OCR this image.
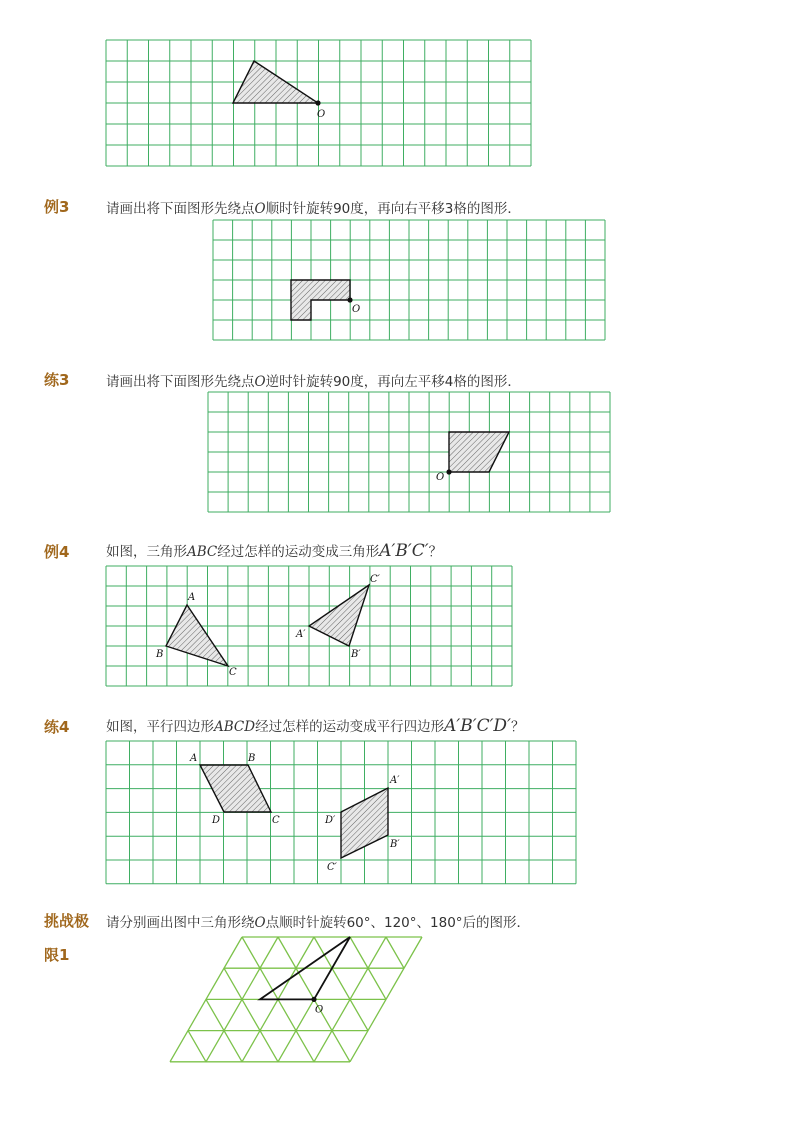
O
O
O
A
B
C
C′
A′
B′
A	B
D	C
A′
B′
D′
C′
O
例3	请画出将下面图形先绕点O顺时针旋转90度，再向右平移3格的图形．
练3	请画出将下面图形先绕点O逆时针旋转90度，再向左平移4格的图形．
例4	如图，三角形ABC经过怎样的运动变成三角形A′B′C′？
练4	如图，平行四边形ABCD经过怎样的运动变成平行四边形A′B′C′D′？
挑战极
限1
请分别画出图中三角形绕O点顺时针旋转60°、120°、180°后的图形．
